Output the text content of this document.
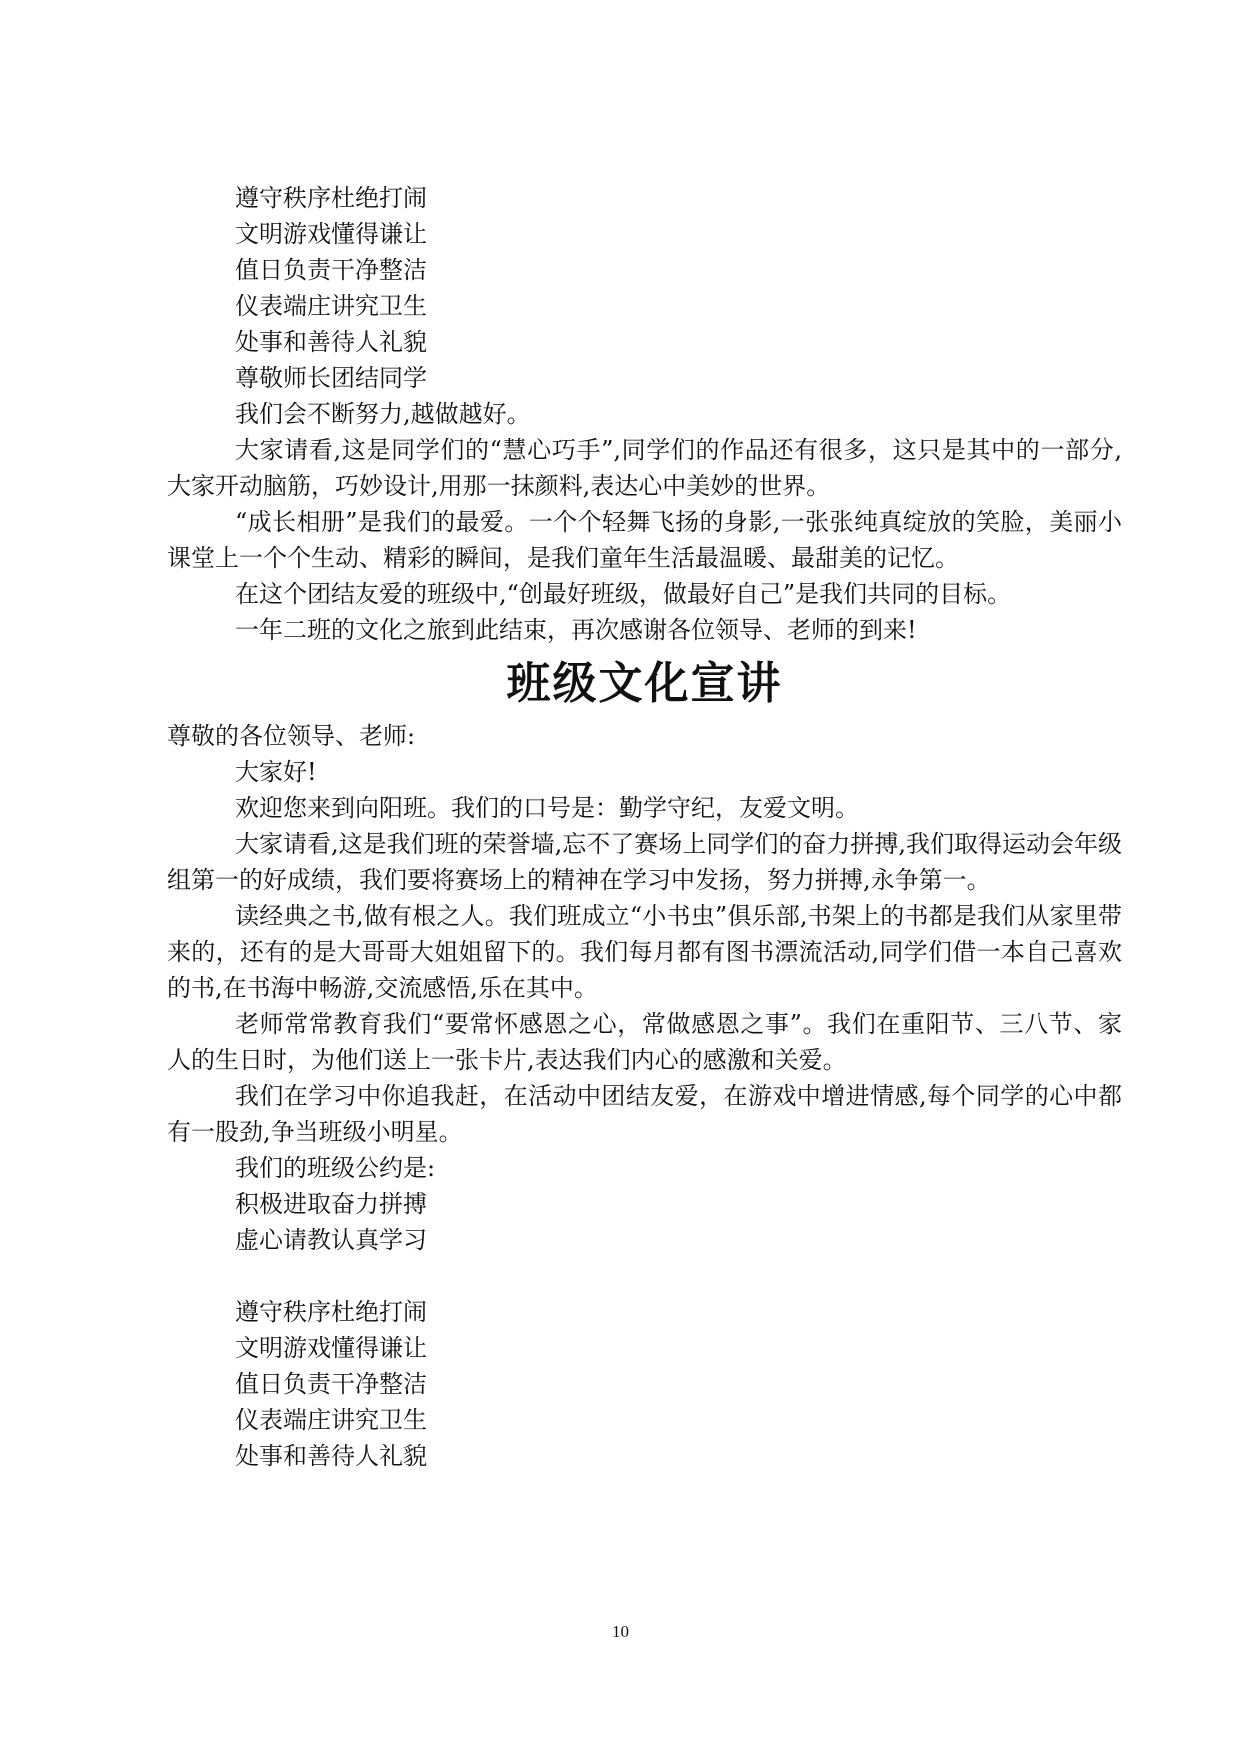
遵守秩序杜绝打闹
文明游戏懂得谦让
值日负责干净整洁
仪表端庄讲究卫生
处事和善待人礼貌
尊敬师长团结同学
我们会不断努力,越做越好。
大家请看,这是同学们的“慧心巧手”,同学们的作品还有很多，这只是其中的一部分,大家开动脑筋，巧妙设计,用那一抹颜料,表达心中美妙的世界。
“成长相册”是我们的最爱。一个个轻舞飞扬的身影,一张张纯真绽放的笑脸，美丽小课堂上一个个生动、精彩的瞬间，是我们童年生活最温暖、最甜美的记忆。
在这个团结友爱的班级中,“创最好班级，做最好自己”是我们共同的目标。
一年二班的文化之旅到此结束，再次感谢各位领导、老师的到来!
班级文化宣讲
尊敬的各位领导、老师:
大家好!
欢迎您来到向阳班。我们的口号是：勤学守纪，友爱文明。
大家请看,这是我们班的荣誉墙,忘不了赛场上同学们的奋力拼搏,我们取得运动会年级组第一的好成绩，我们要将赛场上的精神在学习中发扬，努力拼搏,永争第一。
读经典之书,做有根之人。我们班成立“小书虫”俱乐部,书架上的书都是我们从家里带来的，还有的是大哥哥大姐姐留下的。我们每月都有图书漂流活动,同学们借一本自己喜欢的书,在书海中畅游,交流感悟,乐在其中。
老师常常教育我们“要常怀感恩之心，常做感恩之事”。我们在重阳节、三八节、家人的生日时，为他们送上一张卡片,表达我们内心的感激和关爱。
我们在学习中你追我赶，在活动中团结友爱，在游戏中增进情感,每个同学的心中都有一股劲,争当班级小明星。
我们的班级公约是:
积极进取奋力拼搏
虚心请教认真学习
遵守秩序杜绝打闹
文明游戏懂得谦让
值日负责干净整洁
仪表端庄讲究卫生
处事和善待人礼貌
10
